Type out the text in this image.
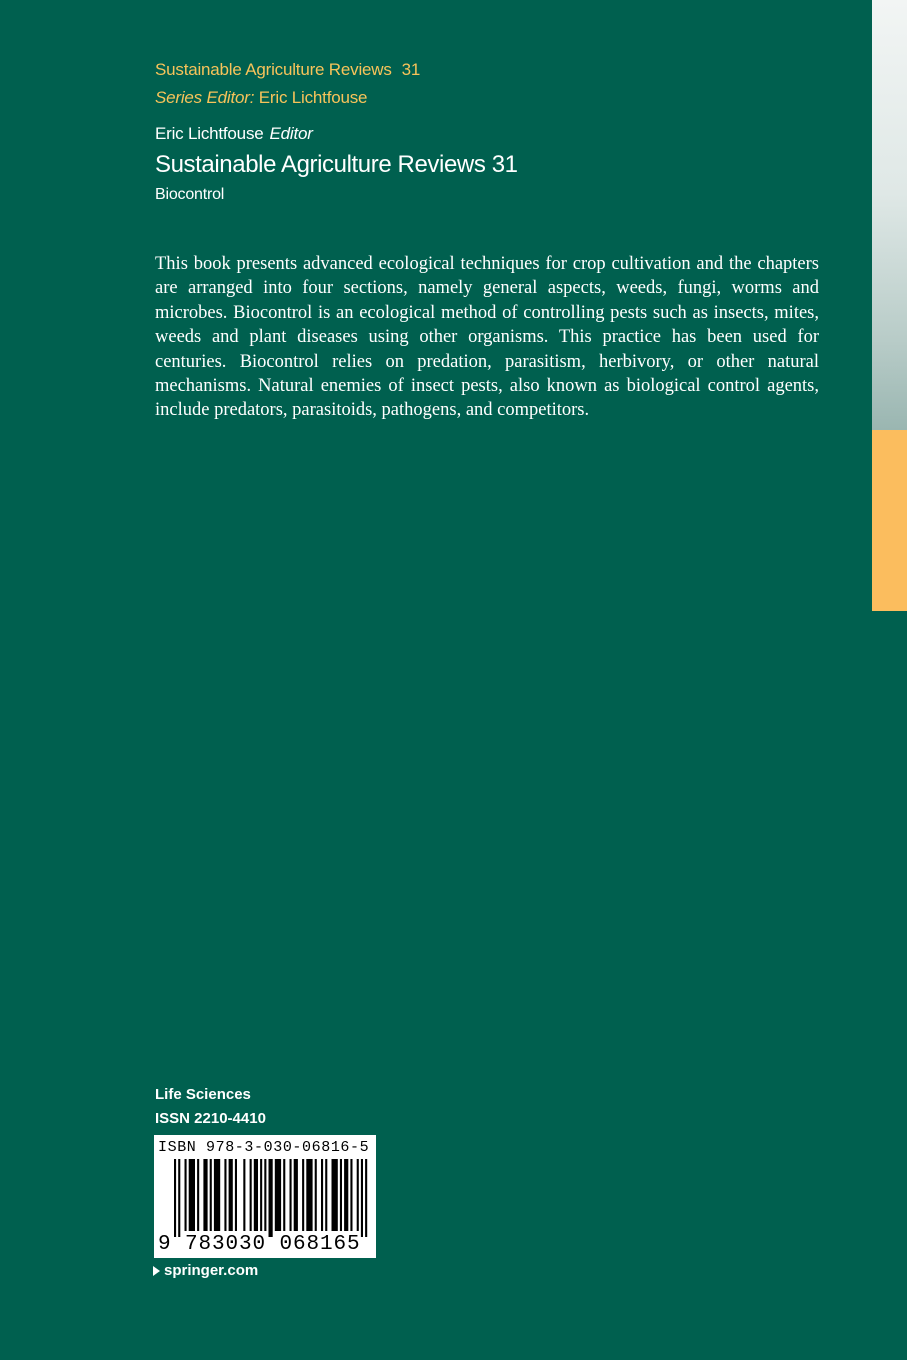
Sustainable Agriculture Reviews 31
Series Editor: Eric Lichtfouse
Eric Lichtfouse Editor
Sustainable Agriculture Reviews 31
Biocontrol

This book presents advanced ecological techniques for crop cultivation and the chapters are arranged into four sections, namely general aspects, weeds, fungi, worms and microbes. Biocontrol is an ecological method of controlling pests such as insects, mites, weeds and plant diseases using other organisms. This practice has been used for centuries. Biocontrol relies on predation, parasitism, herbivory, or other natural mechanisms. Natural enemies of insect pests, also known as biological control agents, include predators, parasitoids, pathogens, and competitors.

Life Sciences
ISSN 2210-4410
ISBN 978-3-030-06816-5
9 783030 068165
springer.com
